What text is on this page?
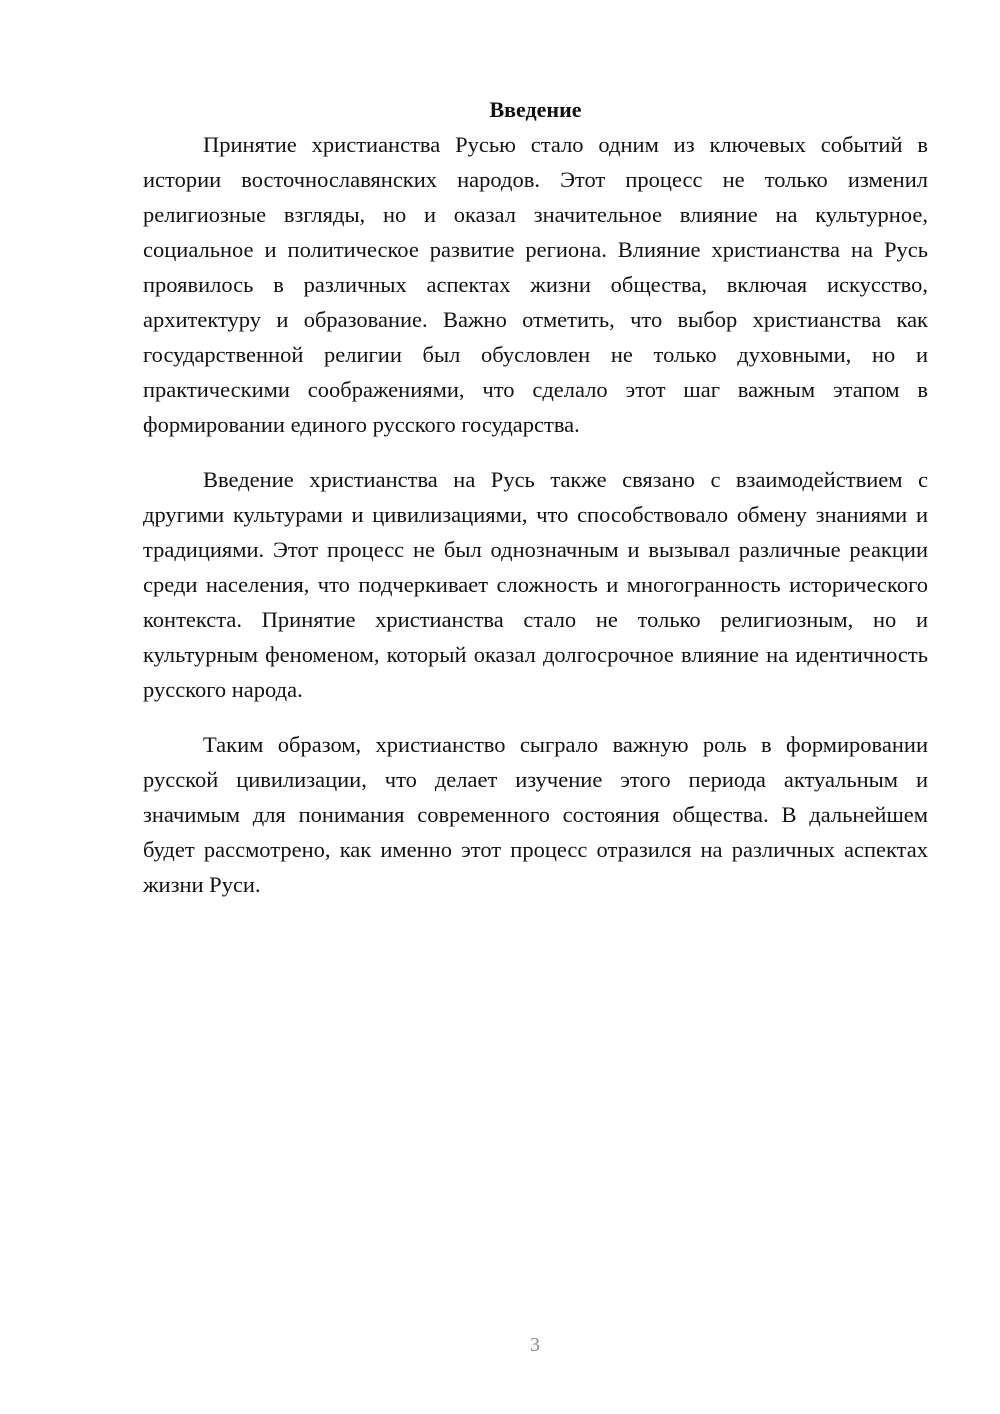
Введение

Принятие христианства Русью стало одним из ключевых событий в истории восточнославянских народов. Этот процесс не только изменил религиозные взгляды, но и оказал значительное влияние на культурное, социальное и политическое развитие региона. Влияние христианства на Русь проявилось в различных аспектах жизни общества, включая искусство, архитектуру и образование. Важно отметить, что выбор христианства как государственной религии был обусловлен не только духовными, но и практическими соображениями, что сделало этот шаг важным этапом в формировании единого русского государства.

Введение христианства на Русь также связано с взаимодействием с другими культурами и цивилизациями, что способствовало обмену знаниями и традициями. Этот процесс не был однозначным и вызывал различные реакции среди населения, что подчеркивает сложность и многогранность исторического контекста. Принятие христианства стало не только религиозным, но и культурным феноменом, который оказал долгосрочное влияние на идентичность русского народа.

Таким образом, христианство сыграло важную роль в формировании русской цивилизации, что делает изучение этого периода актуальным и значимым для понимания современного состояния общества. В дальнейшем будет рассмотрено, как именно этот процесс отразился на различных аспектах жизни Руси.

3
